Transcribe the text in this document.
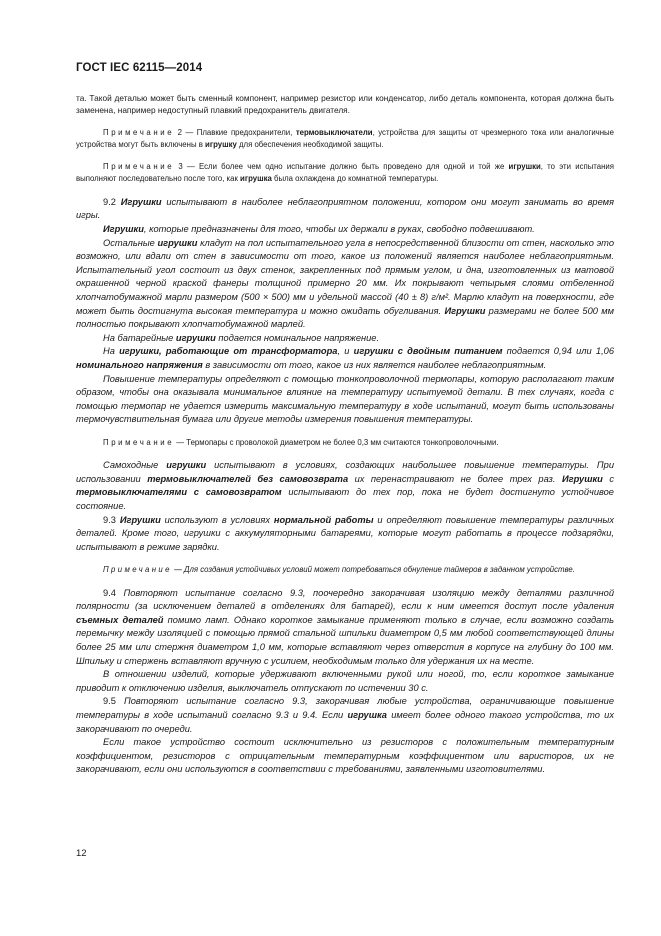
ГОСТ IEC 62115—2014

та. Такой деталью может быть сменный компонент, например резистор или конденсатор, либо деталь компонента, которая должна быть заменена, например недоступный плавкий предохранитель двигателя.

Примечание 2 — Плавкие предохранители, термовыключатели, устройства для защиты от чрезмерного тока или аналогичные устройства могут быть включены в игрушку для обеспечения необходимой защиты.

Примечание 3 — Если более чем одно испытание должно быть проведено для одной и той же игрушки, то эти испытания выполняют последовательно после того, как игрушка была охлаждена до комнатной температуры.

9.2 Игрушки испытывают в наиболее неблагоприятном положении, котором они могут занимать во время игры.

Игрушки, которые предназначены для того, чтобы их держали в руках, свободно подвешивают.

Остальные игрушки кладут на пол испытательного угла в непосредственной близости от стен, насколько это возможно, или вдали от стен в зависимости от того, какое из положений является наиболее неблагоприятным. Испытательный угол состоит из двух стенок, закрепленных под прямым углом, и дна, изготовленных из матовой окрашенной черной краской фанеры толщиной примерно 20 мм. Их покрывают четырьмя слоями отбеленной хлопчатобумажной марли размером (500 × 500) мм и удельной массой (40 ± 8) г/м². Марлю кладут на поверхности, где может быть достигнута высокая температура и можно ожидать обугливания. Игрушки размерами не более 500 мм полностью покрывают хлопчатобумажной марлей.

На батарейные игрушки подается номинальное напряжение.

На игрушки, работающие от трансформатора, и игрушки с двойным питанием подается 0,94 или 1,06 номинального напряжения в зависимости от того, какое из них является наиболее неблагоприятным.

Повышение температуры определяют с помощью тонкопроволочной термопары, которую располагают таким образом, чтобы она оказывала минимальное влияние на температуру испытуемой детали. В тех случаях, когда с помощью термопар не удается измерить максимальную температуру в ходе испытаний, могут быть использованы термочувствительная бумага или другие методы измерения повышения температуры.

Примечание — Термопары с проволокой диаметром не более 0,3 мм считаются тонкопроволочными.

Самоходные игрушки испытывают в условиях, создающих наибольшее повышение температуры. При использовании термовыключателей без самовозврата их перенастраивают не более трех раз. Игрушки с термовыключателями с самовозвратом испытывают до тех пор, пока не будет достигнуто устойчивое состояние.

9.3 Игрушки используют в условиях нормальной работы и определяют повышение температуры различных деталей. Кроме того, игрушки с аккумуляторными батареями, которые могут работать в процессе подзарядки, испытывают в режиме зарядки.

Примечание — Для создания устойчивых условий может потребоваться обнуление таймеров в заданном устройстве.

9.4 Повторяют испытание согласно 9.3, поочередно закорачивая изоляцию между деталями различной полярности (за исключением деталей в отделениях для батарей), если к ним имеется доступ после удаления съемных деталей помимо ламп. Однако короткое замыкание применяют только в случае, если возможно создать перемычку между изоляцией с помощью прямой стальной шпильки диаметром 0,5 мм любой соответствующей длины более 25 мм или стержня диаметром 1,0 мм, которые вставляют через отверстия в корпусе на глубину до 100 мм. Шпильку и стержень вставляют вручную с усилием, необходимым только для удержания их на месте.

В отношении изделий, которые удерживают включенными рукой или ногой, то, если короткое замыкание приводит к отключению изделия, выключатель отпускают по истечении 30 с.

9.5 Повторяют испытание согласно 9.3, закорачивая любые устройства, ограничивающие повышение температуры в ходе испытаний согласно 9.3 и 9.4. Если игрушка имеет более одного такого устройства, то их закорачивают по очереди.

Если такое устройство состоит исключительно из резисторов с положительным температурным коэффициентом, резисторов с отрицательным температурным коэффициентом или варисторов, их не закорачивают, если они используются в соответствии с требованиями, заявленными изготовителями.

12
